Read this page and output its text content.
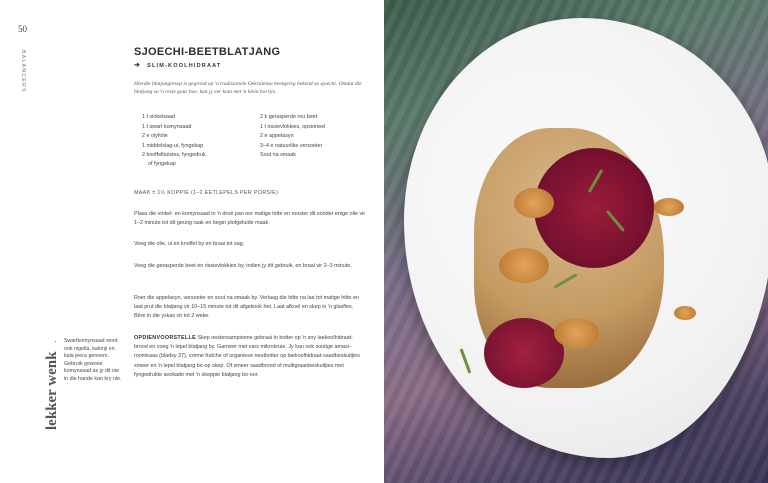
50
BALANCERS
lekker wenk
• Swartkomynsaad word ook nigella, kalonji en kala jeera genoem. Gebruik gewone komynsaad as jy dit nie in die hande kan kry nie.
SJOECHI-BEETBLATJANG
➔ SLIM-KOOLHIDRAAT
Hierdie blatjangresep is gegrond op 'n tradisionele Oekraïense beetgereg bekend as sjoechi. Omdat die blatjang so 'n resie gour hoe, kan jy eer kom met 'n klein borrjie.
1 t vinkelsaad
1 t swart komynsaad
2 e olyfolie
1 middelslag-ui, fyngekap
2 knoffelhuisies, fyngedruk
of fyngekap
2 k gerasperde rou beet
1 t rissievlokkies, opsioneel
2 e appelasyn
3–4 e natuurlike versoeter
Sout na smaak
MAAK ± 1½ KOPPIE (1–2 EETLEPELS PER PORSIE)

Plaas die vinkel- en komynsaad in 'n droë pan oor matige hitte en rooster dit sonder enige olie vir 1–2 minute tot dit geurig raak en begin plofgeluide maak.

Voeg die olie, ui en knoffel by en braai tot sag.

Voeg die gerasperde beet en rissievlokkies by, indien jy dit gebruik, en braai vir 2–3 minute.

Roer die appelasyn, versoeter en sout na smaak by. Verlaag die hitte na lae tot matige hitte en laat prut die blatjang vir 10–15 minute tot dit afgekook het. Laat afkoel en skep in 'n glasfles. Bêre in die yskas vir tot 2 weke.

OPDIENVOORSTELLE Skep oestersampioene gebraai in botter op 'n sny laekoolhidraat-brood en voeg 'n lepel blatjang by. Garneer met vars mikrokruie. Jy kan ook soutige amasi-roomkaas (bladsy 37), crème fraîche of organiese neutbotter op laekoolhidraat-saadbeskuitjies smeer en 'n lepel blatjang bo-op skep. Of smeer saadbrood of multigraanbeskuitjies met fyngedrukte avokado met 'n skeppie blatjang bo-oor.
